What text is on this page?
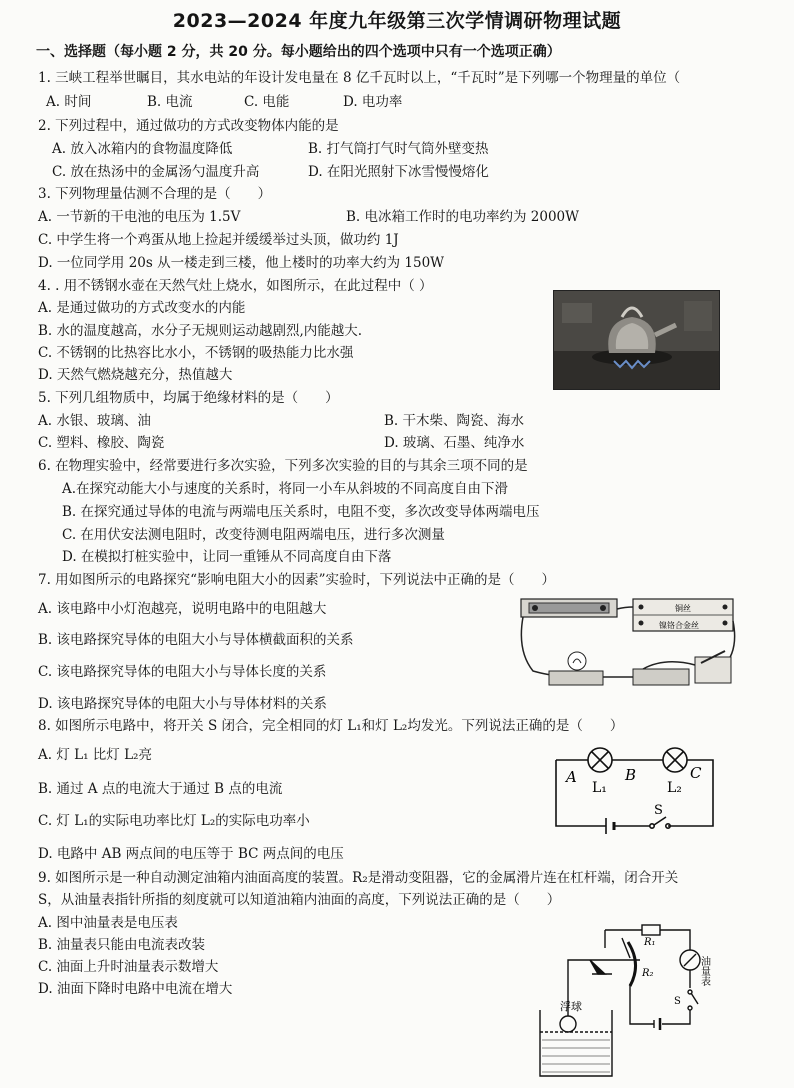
2023—2024 年度九年级第三次学情调研物理试题
一、选择题（每小题 2 分，共 20 分。每小题给出的四个选项中只有一个选项正确）
1. 三峡工程举世瞩目，其水电站的年设计发电量在 8 亿千瓦时以上，“千瓦时”是下列哪一个物理量的单位（
A. 时间	B. 电流	C. 电能	D. 电功率
2. 下列过程中，通过做功的方式改变物体内能的是
A. 放入冰箱内的食物温度降低	B. 打气筒打气时气筒外壁变热
C. 放在热汤中的金属汤勺温度升高	D. 在阳光照射下冰雪慢慢熔化
3. 下列物理量估测不合理的是（　　）
A. 一节新的干电池的电压为 1.5V	B. 电冰箱工作时的电功率约为 2000W
C. 中学生将一个鸡蛋从地上捡起并缓缓举过头顶，做功约 1J
D. 一位同学用 20s 从一楼走到三楼，他上楼时的功率大约为 150W
4. . 用不锈钢水壶在天然气灶上烧水，如图所示，在此过程中（ ）
A. 是通过做功的方式改变水的内能
B. 水的温度越高，水分子无规则运动越剧烈,内能越大.
C. 不锈钢的比热容比水小，不锈钢的吸热能力比水强
D. 天然气燃烧越充分，热值越大
5. 下列几组物质中，均属于绝缘材料的是（　　）
A. 水银、玻璃、油	B. 干木柴、陶瓷、海水
C. 塑料、橡胶、陶瓷	D. 玻璃、石墨、纯净水
6. 在物理实验中，经常要进行多次实验，下列多次实验的目的与其余三项不同的是
A.在探究动能大小与速度的关系时，将同一小车从斜坡的不同高度自由下滑
B. 在探究通过导体的电流与两端电压关系时，电阻不变，多次改变导体两端电压
C. 在用伏安法测电阻时，改变待测电阻两端电压，进行多次测量
D. 在模拟打桩实验中，让同一重锤从不同高度自由下落
7. 用如图所示的电路探究“影响电阻大小的因素”实验时，下列说法中正确的是（　　）
A. 该电路中小灯泡越亮，说明电路中的电阻越大
B. 该电路探究导体的电阻大小与导体横截面积的关系
C. 该电路探究导体的电阻大小与导体长度的关系
D. 该电路探究导体的电阻大小与导体材料的关系
铜丝
镍铬合金丝
8. 如图所示电路中，将开关 S 闭合，完全相同的灯 L₁和灯 L₂均发光。下列说法正确的是（　　）
A. 灯 L₁ 比灯 L₂亮
B. 通过 A 点的电流大于通过 B 点的电流
C. 灯 L₁的实际电功率比灯 L₂的实际电功率小
D. 电路中 AB 两点间的电压等于 BC 两点间的电压
A	B	C
L₁	L₂
S
9. 如图所示是一种自动测定油箱内油面高度的装置。R₂是滑动变阻器，它的金属滑片连在杠杆端，闭合开关
S，从油量表指针所指的刻度就可以知道油箱内油面的高度，下列说法正确的是（　　）
A. 图中油量表是电压表
B. 油量表只能由电流表改装
C. 油面上升时油量表示数增大
D. 油面下降时电路中电流在增大
R₁
R₂
浮球	S
油量表
